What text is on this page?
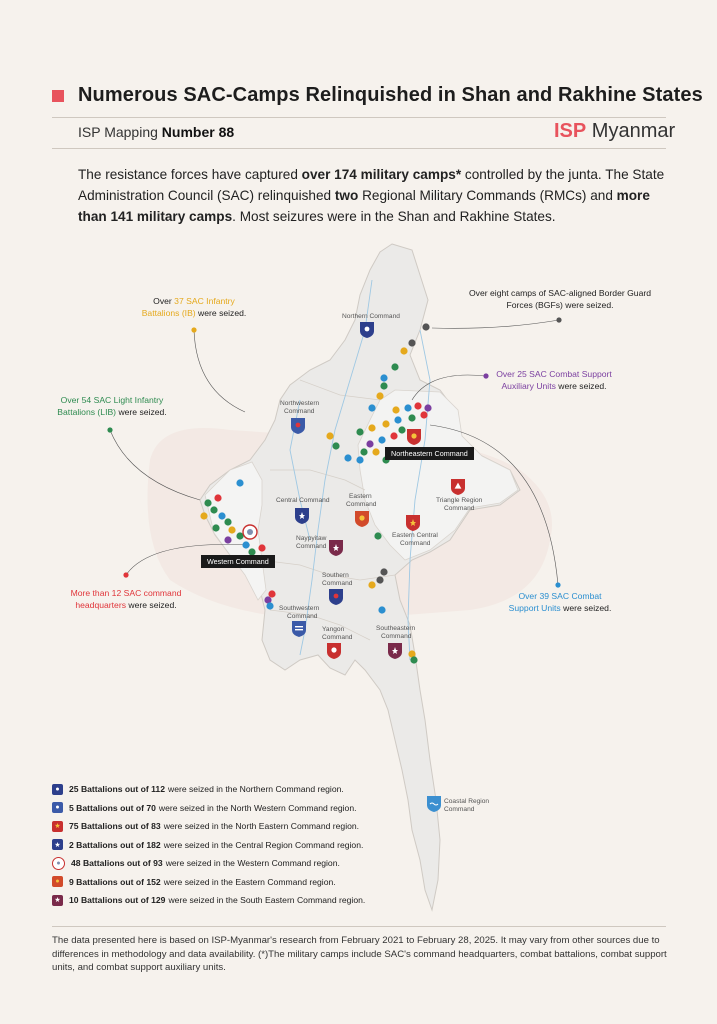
Numerous SAC-Camps Relinquished in Shan and Rakhine States
ISP Mapping Number 88	ISP Myanmar
The resistance forces have captured over 174 military camps* controlled by the junta. The State Administration Council (SAC) relinquished two Regional Military Commands (RMCs) and more than 141 military camps. Most seizures were in the Shan and Rakhine States.
Northern Command
Northwestern
Command
Central Command
Eastern
Command
Triangle Region
Command
Naypyitaw
Command
Eastern Central
Command
Southern
Command
Southwestern
Command
Yangon
Command
Southeastern
Command
Coastal Region
Command
Northeastern Command
Western Command
Over 37 SAC Infantry
Battalions (IB) were seized.
Over eight camps of SAC-aligned Border Guard
Forces (BGFs) were seized.
Over 25 SAC Combat Support
Auxiliary Units were seized.
Over 54 SAC Light Infantry
Battalions (LIB) were seized.
More than 12 SAC command
headquarters were seized.
Over 39 SAC Combat
Support Units were seized.
●	25 Battalions out of 112 were seized in the Northern Command region.
●	5 Battalions out of 70 were seized in the North Western Command region.
★ 75 Battalions out of 83 were seized in the North Eastern Command region.
★ 2 Battalions out of 182 were seized in the Central Region Command region.
●	48 Battalions out of 93 were seized in the Western Command region.
●	9 Battalions out of 152 were seized in the Eastern Command region.
★ 10 Battalions out of 129 were seized in the South Eastern Command region.
The data presented here is based on ISP-Myanmar's research from February 2021 to February 28, 2025. It may vary from other sources due to differences in methodology and data availability. (*)The military camps include SAC's command headquarters, combat battalions, combat support units, and combat support auxiliary units.
